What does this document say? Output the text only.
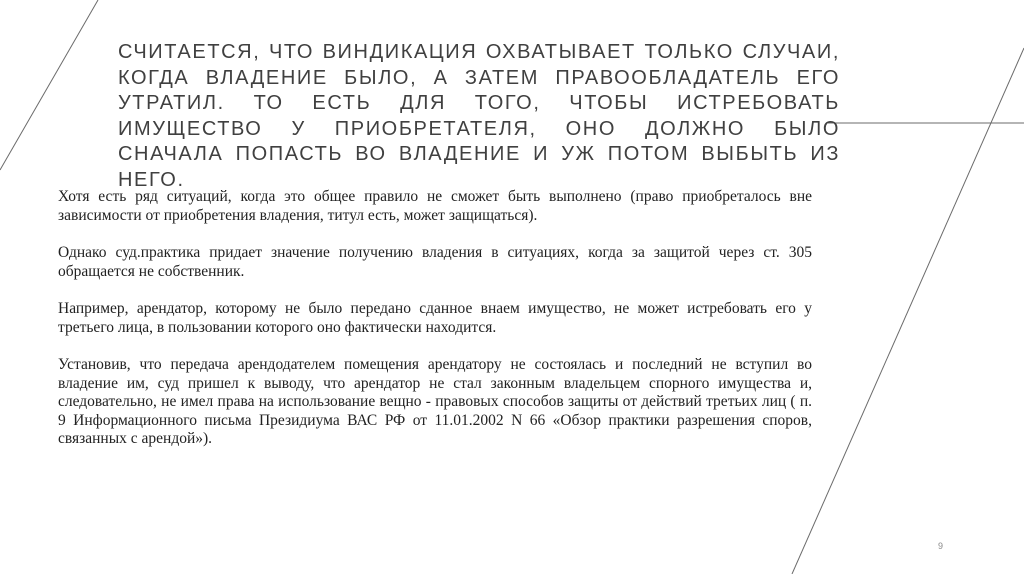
СЧИТАЕТСЯ, ЧТО ВИНДИКАЦИЯ ОХВАТЫВАЕТ ТОЛЬКО СЛУЧАИ, КОГДА ВЛАДЕНИЕ БЫЛО, А ЗАТЕМ ПРАВООБЛАДАТЕЛЬ ЕГО УТРАТИЛ. ТО ЕСТЬ ДЛЯ ТОГО, ЧТОБЫ ИСТРЕБОВАТЬ ИМУЩЕСТВО У ПРИОБРЕТАТЕЛЯ, ОНО ДОЛЖНО БЫЛО СНАЧАЛА ПОПАСТЬ ВО ВЛАДЕНИЕ И УЖ ПОТОМ ВЫБЫТЬ ИЗ НЕГО.

Хотя есть ряд ситуаций, когда это общее правило не сможет быть выполнено (право приобреталось вне зависимости от приобретения владения, титул есть, может защищаться).

Однако суд.практика придает значение получению владения в ситуациях, когда за защитой через ст. 305 обращается не собственник.

Например, арендатор, которому не было передано сданное внаем имущество, не может истребовать его у третьего лица, в пользовании которого оно фактически находится.

Установив, что передача арендодателем помещения арендатору не состоялась и последний не вступил во владение им, суд пришел к выводу, что арендатор не стал законным владельцем спорного имущества и, следовательно, не имел права на использование вещно - правовых способов защиты от действий третьих лиц ( п. 9 Информационного письма Президиума ВАС РФ от 11.01.2002 N 66 «Обзор практики разрешения споров, связанных с арендой»).

9
